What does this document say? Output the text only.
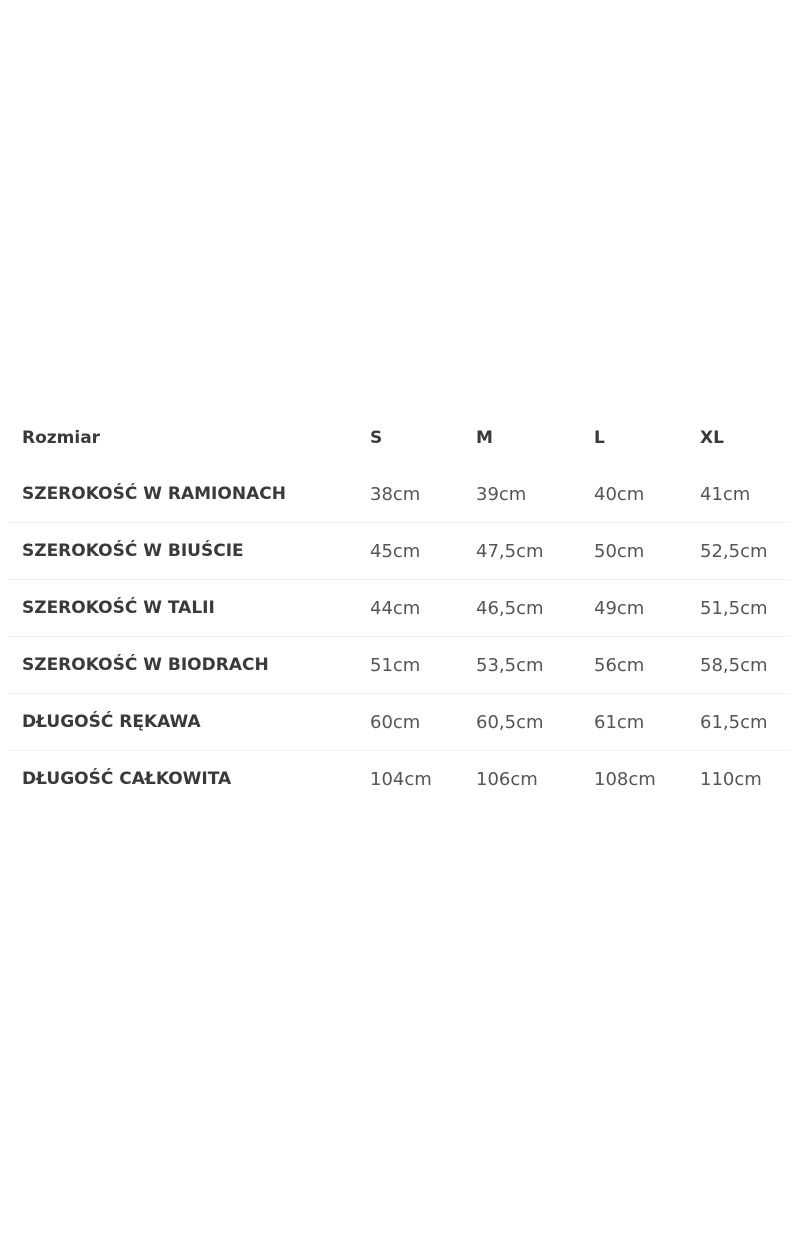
Rozmiar	S	M	L	XL
SZEROKOŚĆ W RAMIONACH	38cm	39cm	40cm	41cm
SZEROKOŚĆ W BIUŚCIE	45cm	47,5cm	50cm	52,5cm
SZEROKOŚĆ W TALII	44cm	46,5cm	49cm	51,5cm
SZEROKOŚĆ W BIODRACH	51cm	53,5cm	56cm	58,5cm
DŁUGOŚĆ RĘKAWA	60cm	60,5cm	61cm	61,5cm
DŁUGOŚĆ CAŁKOWITA	104cm	106cm	108cm	110cm
